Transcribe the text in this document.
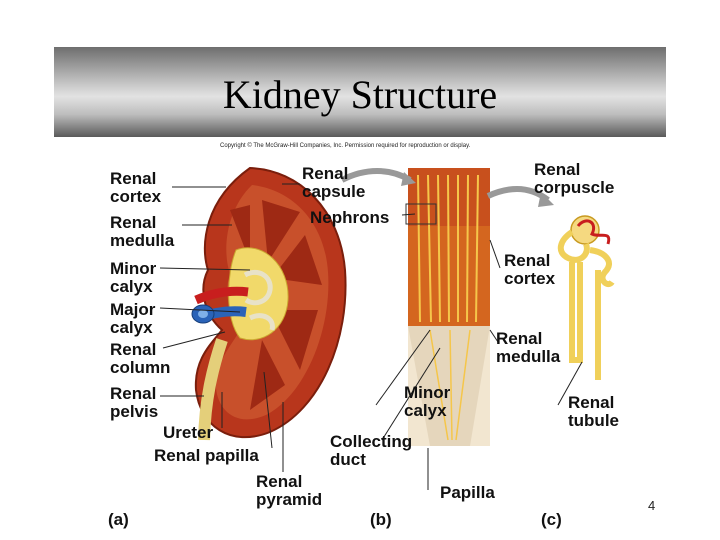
Kidney Structure
Copyright © The McGraw-Hill Companies, Inc. Permission required for reproduction or display.
Renal
cortex
Renal
medulla
Minor
calyx
Major
calyx
Renal
column
Renal
pelvis
Ureter
Renal papilla
Renal
pyramid
Renal
capsule
Nephrons
Renal
cortex
Renal
medulla
Minor
calyx
Collecting
duct
Papilla
Renal
corpuscle
Renal
tubule
(a)	(b)	(c)
4
